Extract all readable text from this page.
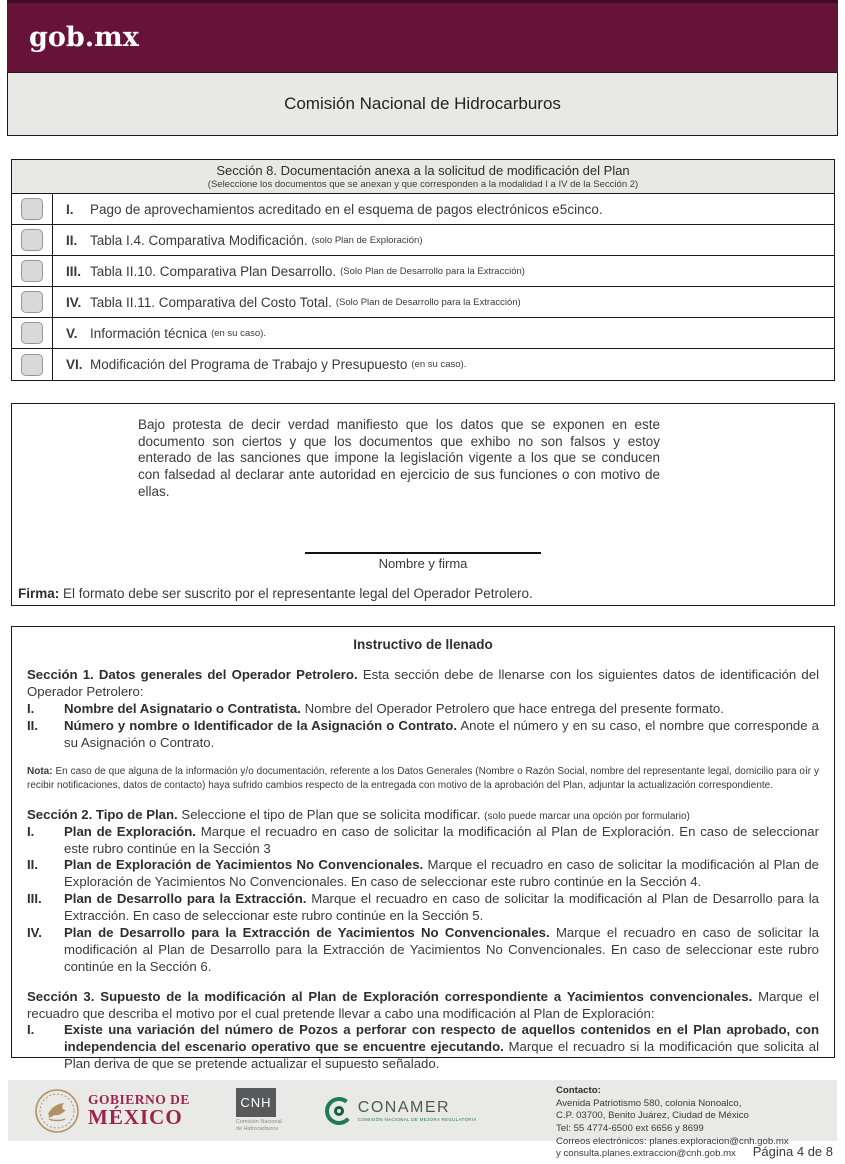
gob.mx
Comisión Nacional de Hidrocarburos
Sección 8. Documentación anexa a la solicitud de modificación del Plan
(Seleccione los documentos que se anexan y que corresponden a la modalidad I a IV de la Sección 2)
I.	Pago de aprovechamientos acreditado en el esquema de pagos electrónicos e5cinco.
II. Tabla I.4. Comparativa Modificación. (solo Plan de Exploración)
III. Tabla II.10. Comparativa Plan Desarrollo. (Solo Plan de Desarrollo para la Extracción)
IV. Tabla II.11. Comparativa del Costo Total. (Solo Plan de Desarrollo para la Extracción)
V. Información técnica (en su caso).
VI. Modificación del Programa de Trabajo y Presupuesto (en su caso).

Bajo protesta de decir verdad manifiesto que los datos que se exponen en este documento son ciertos y que los documentos que exhibo no son falsos y estoy enterado de las sanciones que impone la legislación vigente a los que se conducen con falsedad al declarar ante autoridad en ejercicio de sus funciones o con motivo de ellas.

Nombre y firma

Firma: El formato debe ser suscrito por el representante legal del Operador Petrolero.

Instructivo de llenado

Sección 1. Datos generales del Operador Petrolero. Esta sección debe de llenarse con los siguientes datos de identificación del Operador Petrolero:

I.	Nombre del Asignatario o Contratista. Nombre del Operador Petrolero que hace entrega del presente formato.

II.	Número y nombre o Identificador de la Asignación o Contrato. Anote el número y en su caso, el nombre que corresponde a su Asignación o Contrato.

Nota: En caso de que alguna de la información y/o documentación, referente a los Datos Generales (Nombre o Razón Social, nombre del representante legal, domicilio para oír y recibir notificaciones, datos de contacto) haya sufrido cambios respecto de la entregada con motivo de la aprobación del Plan, adjuntar la actualización correspondiente.

Sección 2. Tipo de Plan. Seleccione el tipo de Plan que se solicita modificar. (solo puede marcar una opción por formulario)

I.	Plan de Exploración. Marque el recuadro en caso de solicitar la modificación al Plan de Exploración. En caso de seleccionar este rubro continúe en la Sección 3

II.	Plan de Exploración de Yacimientos No Convencionales. Marque el recuadro en caso de solicitar la modificación al Plan de Exploración de Yacimientos No Convencionales. En caso de seleccionar este rubro continúe en la Sección 4.

III.	Plan de Desarrollo para la Extracción. Marque el recuadro en caso de solicitar la modificación al Plan de Desarrollo para la Extracción. En caso de seleccionar este rubro continúe en la Sección 5.

IV.	Plan de Desarrollo para la Extracción de Yacimientos No Convencionales. Marque el recuadro en caso de solicitar la modificación al Plan de Desarrollo para la Extracción de Yacimientos No Convencionales. En caso de seleccionar este rubro continúe en la Sección 6.

Sección 3. Supuesto de la modificación al Plan de Exploración correspondiente a Yacimientos convencionales. Marque el recuadro que describa el motivo por el cual pretende llevar a cabo una modificación al Plan de Exploración:

I.	Existe una variación del número de Pozos a perforar con respecto de aquellos contenidos en el Plan aprobado, con independencia del escenario operativo que se encuentre ejecutando. Marque el recuadro si la modificación que solicita al Plan deriva de que se pretende actualizar el supuesto señalado.

GOBIERNO DE
MÉXICO
CNH
Comisión Nacional
de Hidrocarburos
CONAMER
COMISIÓN NACIONAL DE MEJORA REGULATORIA
Contacto:
Avenida Patriotismo 580, colonia Nonoalco,
C.P. 03700, Benito Juárez, Ciudad de México
Tel: 55 4774-6500 ext 6656 y 8699
Correos electrónicos: planes.exploracion@cnh.gob.mx
y consulta.planes.extraccion@cnh.gob.mx	Página 4 de 8
